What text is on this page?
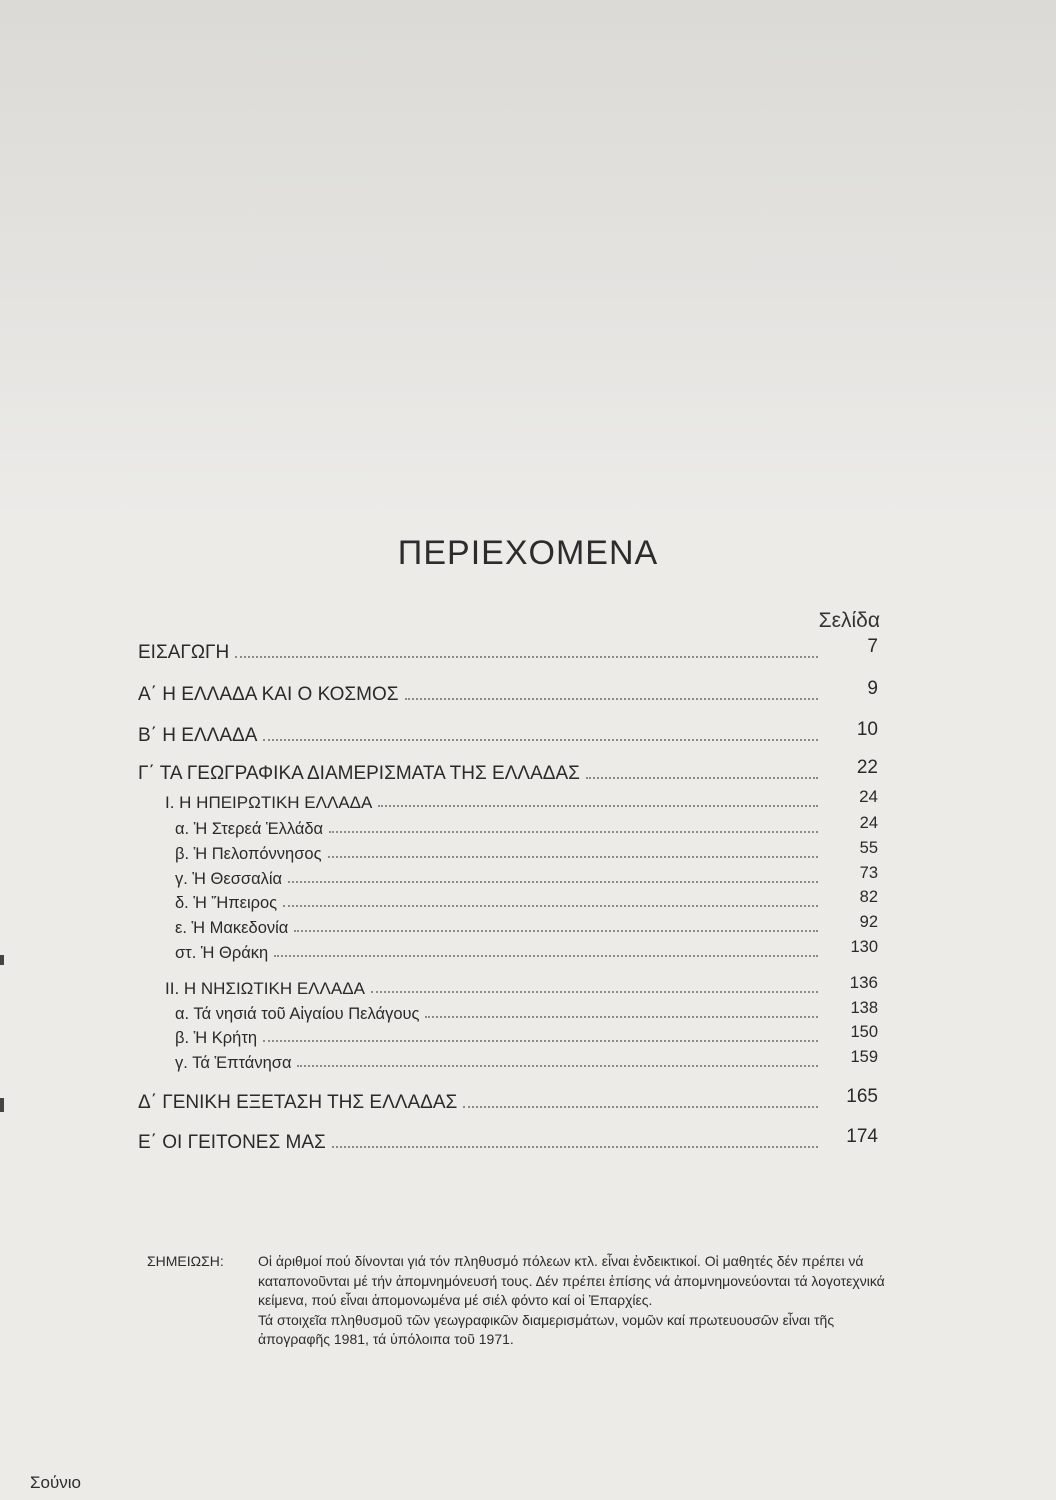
ΠΕΡΙΕΧΟΜΕΝΑ
Σελίδα
ΕΙΣΑΓΩΓΗ	7
Α΄ Η ΕΛΛΑΔΑ ΚΑΙ Ο ΚΟΣΜΟΣ	9
Β΄ Η ΕΛΛΑΔΑ	10
Γ΄ ΤΑ ΓΕΩΓΡΑΦΙΚΑ ΔΙΑΜΕΡΙΣΜΑΤΑ ΤΗΣ ΕΛΛΑΔΑΣ	22
Ι. Η ΗΠΕΙΡΩΤΙΚΗ ΕΛΛΑΔΑ	24
α. Ἡ Στερεά Ἑλλάδα	24
β. Ἡ Πελοπόννησος	55
γ. Ἡ Θεσσαλία	73
δ. Ἡ Ἤπειρος	82
ε. Ἡ Μακεδονία	92
στ. Ἡ Θράκη	130
ΙΙ. Η ΝΗΣΙΩΤΙΚΗ ΕΛΛΑΔΑ	136
α. Τά νησιά τοῦ Αἰγαίου Πελάγους	138
β. Ἡ Κρήτη	150
γ. Τά Ἑπτάνησα	159
Δ΄ ΓΕΝΙΚΗ ΕΞΕΤΑΣΗ ΤΗΣ ΕΛΛΑΔΑΣ	165
Ε΄ ΟΙ ΓΕΙΤΟΝΕΣ ΜΑΣ	174
ΣΗΜΕΙΩΣΗ: Οἱ ἀριθμοί πού δίνονται γιά τόν πληθυσμό πόλεων κτλ. εἶναι ἐνδεικτικοί. Οἱ μαθητές δέν πρέπει νά καταπονοῦνται μέ τήν ἀπομνημόνευσή τους. Δέν πρέπει ἐπίσης νά ἀπομνημονεύονται τά λογοτεχνικά κείμενα, πού εἶναι ἀπομονωμένα μέ σιέλ φόντο καί οἱ Ἐπαρχίες.
Τά στοιχεῖα πληθυσμοῦ τῶν γεωγραφικῶν διαμερισμάτων, νομῶν καί πρωτευουσῶν εἶναι τῆς ἀπογραφῆς 1981, τά ὑπόλοιπα τοῦ 1971.
Σούνιο
